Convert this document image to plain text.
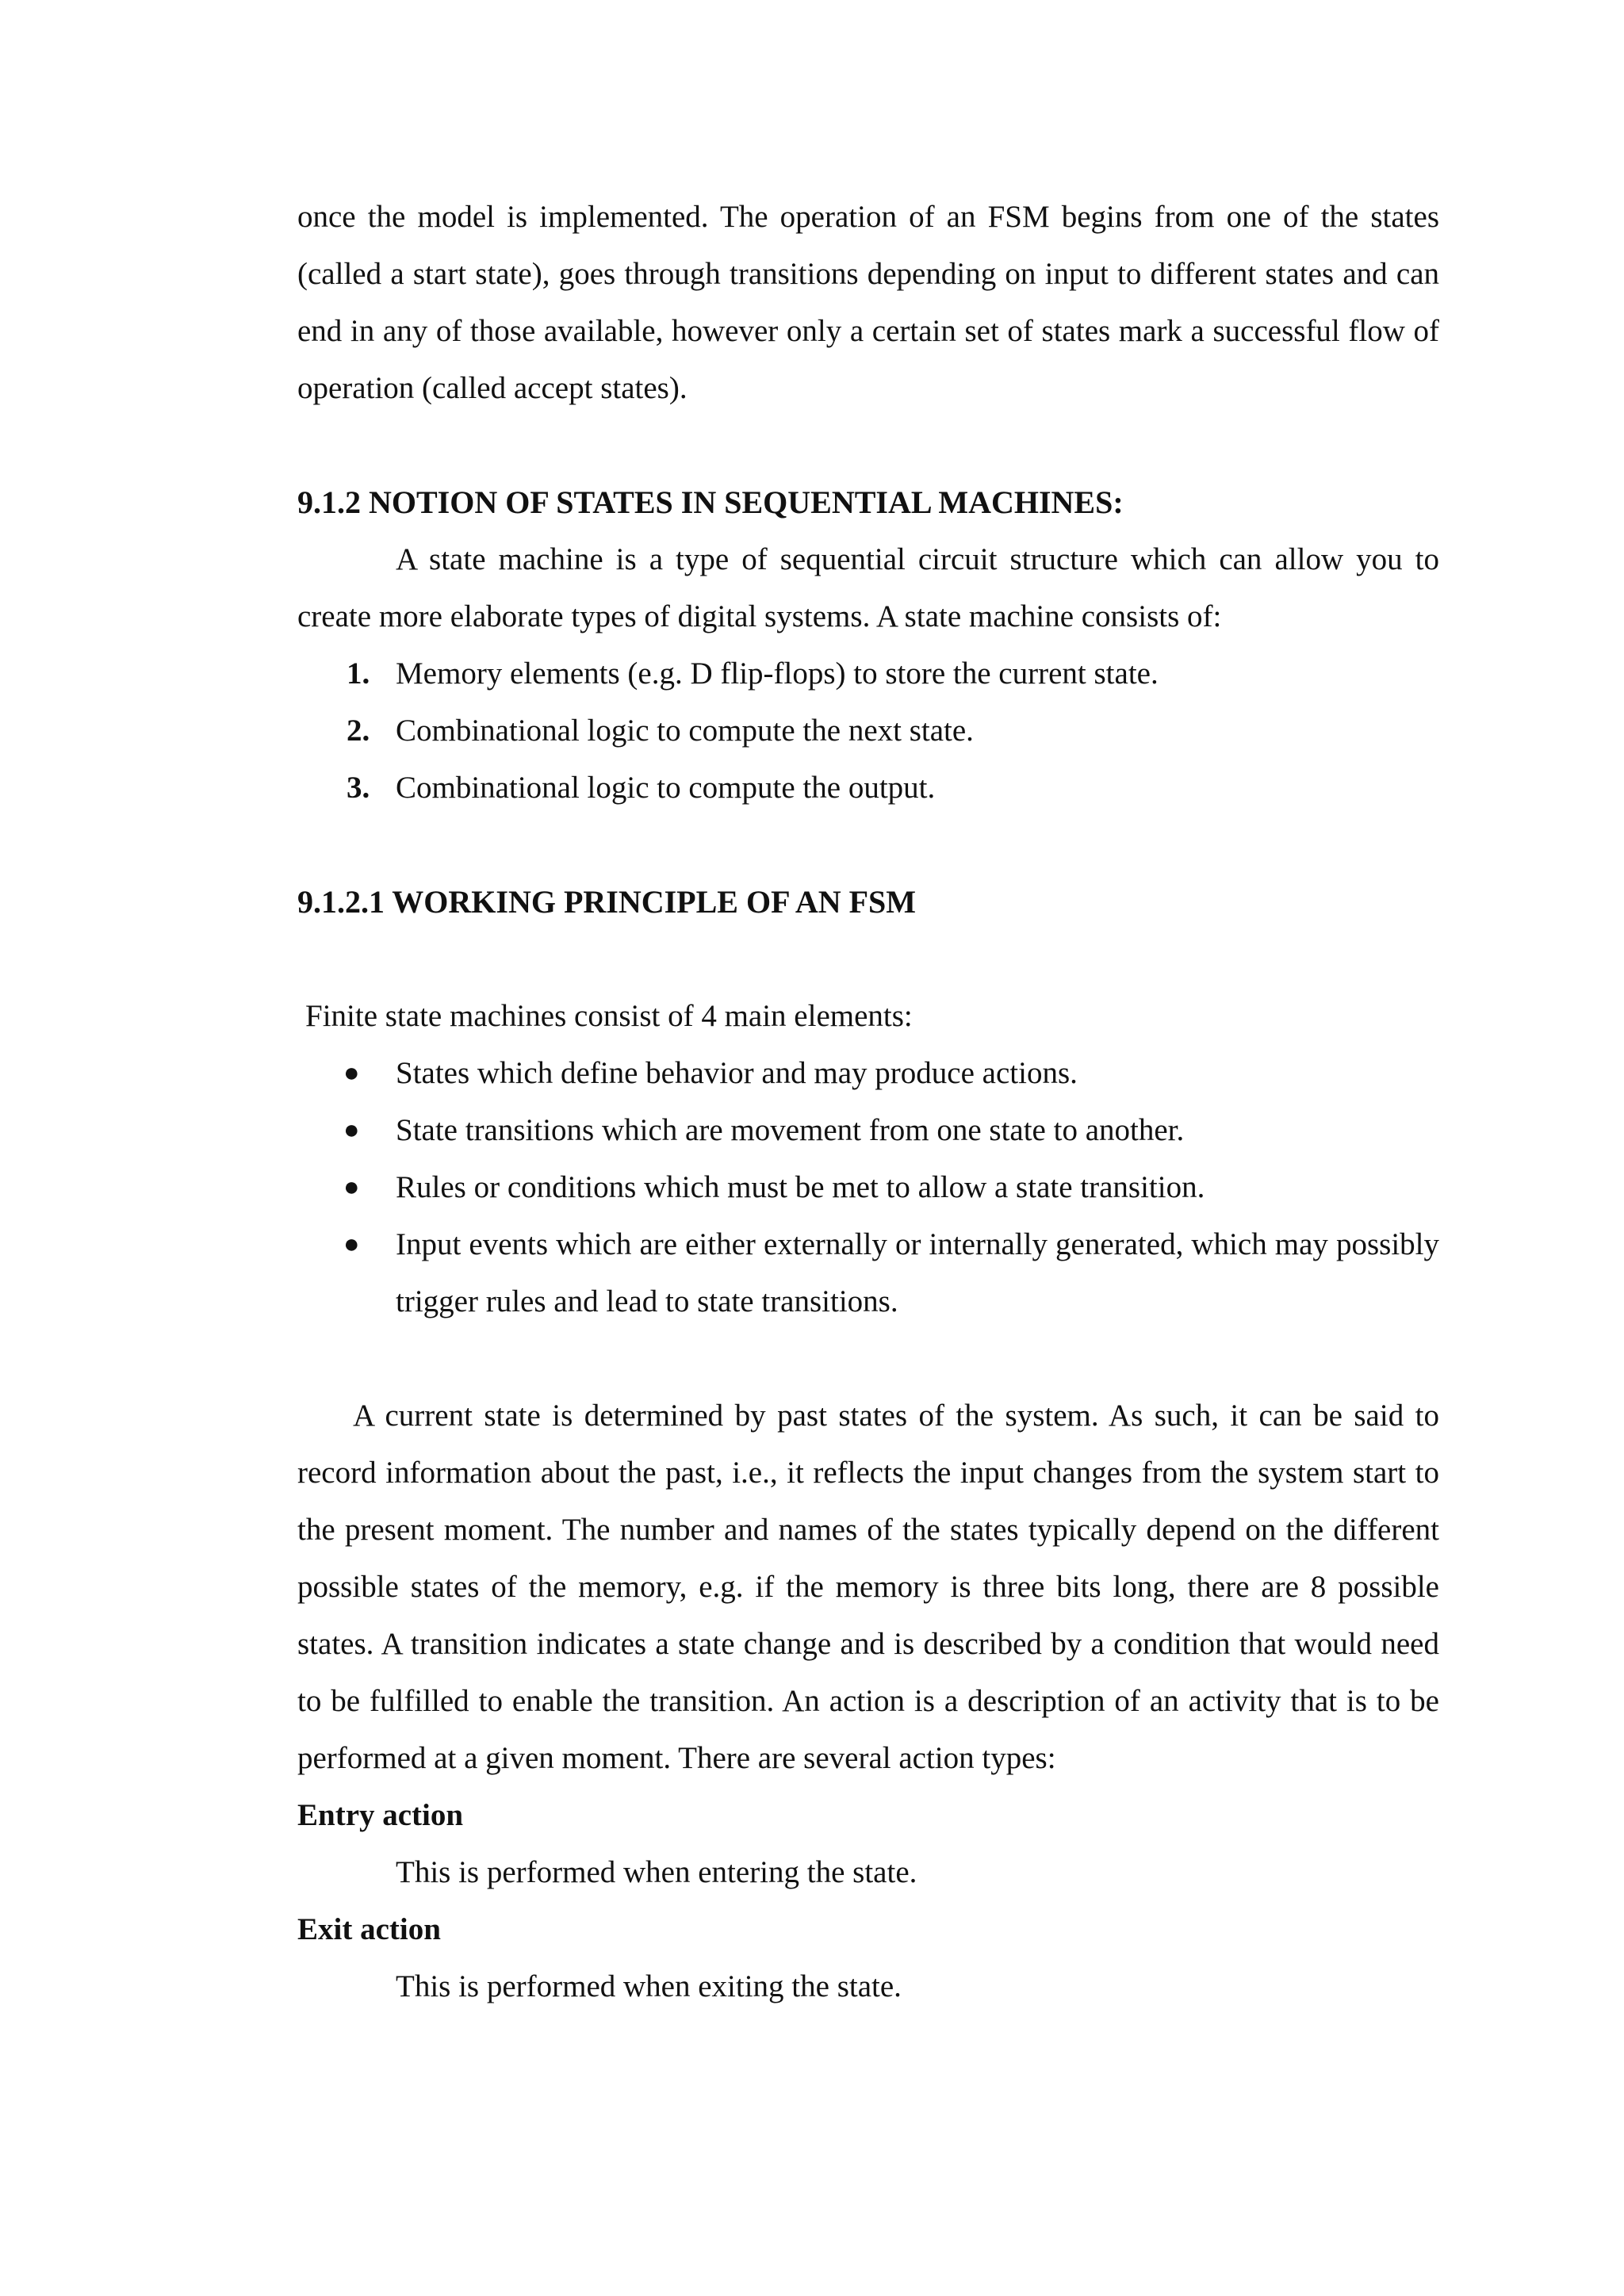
once the model is implemented. The operation of an FSM begins from one of the states (called a start state), goes through transitions depending on input to different states and can end in any of those available, however only a certain set of states mark a successful flow of operation (called accept states).

9.1.2 NOTION OF STATES IN SEQUENTIAL MACHINES:

A state machine is a type of sequential circuit structure which can allow you to create more elaborate types of digital systems. A state machine consists of:

1. Memory elements (e.g. D flip-flops) to store the current state.
2. Combinational logic to compute the next state.
3. Combinational logic to compute the output.

9.1.2.1 WORKING PRINCIPLE OF AN FSM

Finite state machines consist of 4 main elements:

● States which define behavior and may produce actions.
● State transitions which are movement from one state to another.
● Rules or conditions which must be met to allow a state transition.
● Input events which are either externally or internally generated, which may possibly trigger rules and lead to state transitions.

A current state is determined by past states of the system. As such, it can be said to record information about the past, i.e., it reflects the input changes from the system start to the present moment. The number and names of the states typically depend on the different possible states of the memory, e.g. if the memory is three bits long, there are 8 possible states. A transition indicates a state change and is described by a condition that would need to be fulfilled to enable the transition. An action is a description of an activity that is to be performed at a given moment. There are several action types:

Entry action

This is performed when entering the state.

Exit action

This is performed when exiting the state.
